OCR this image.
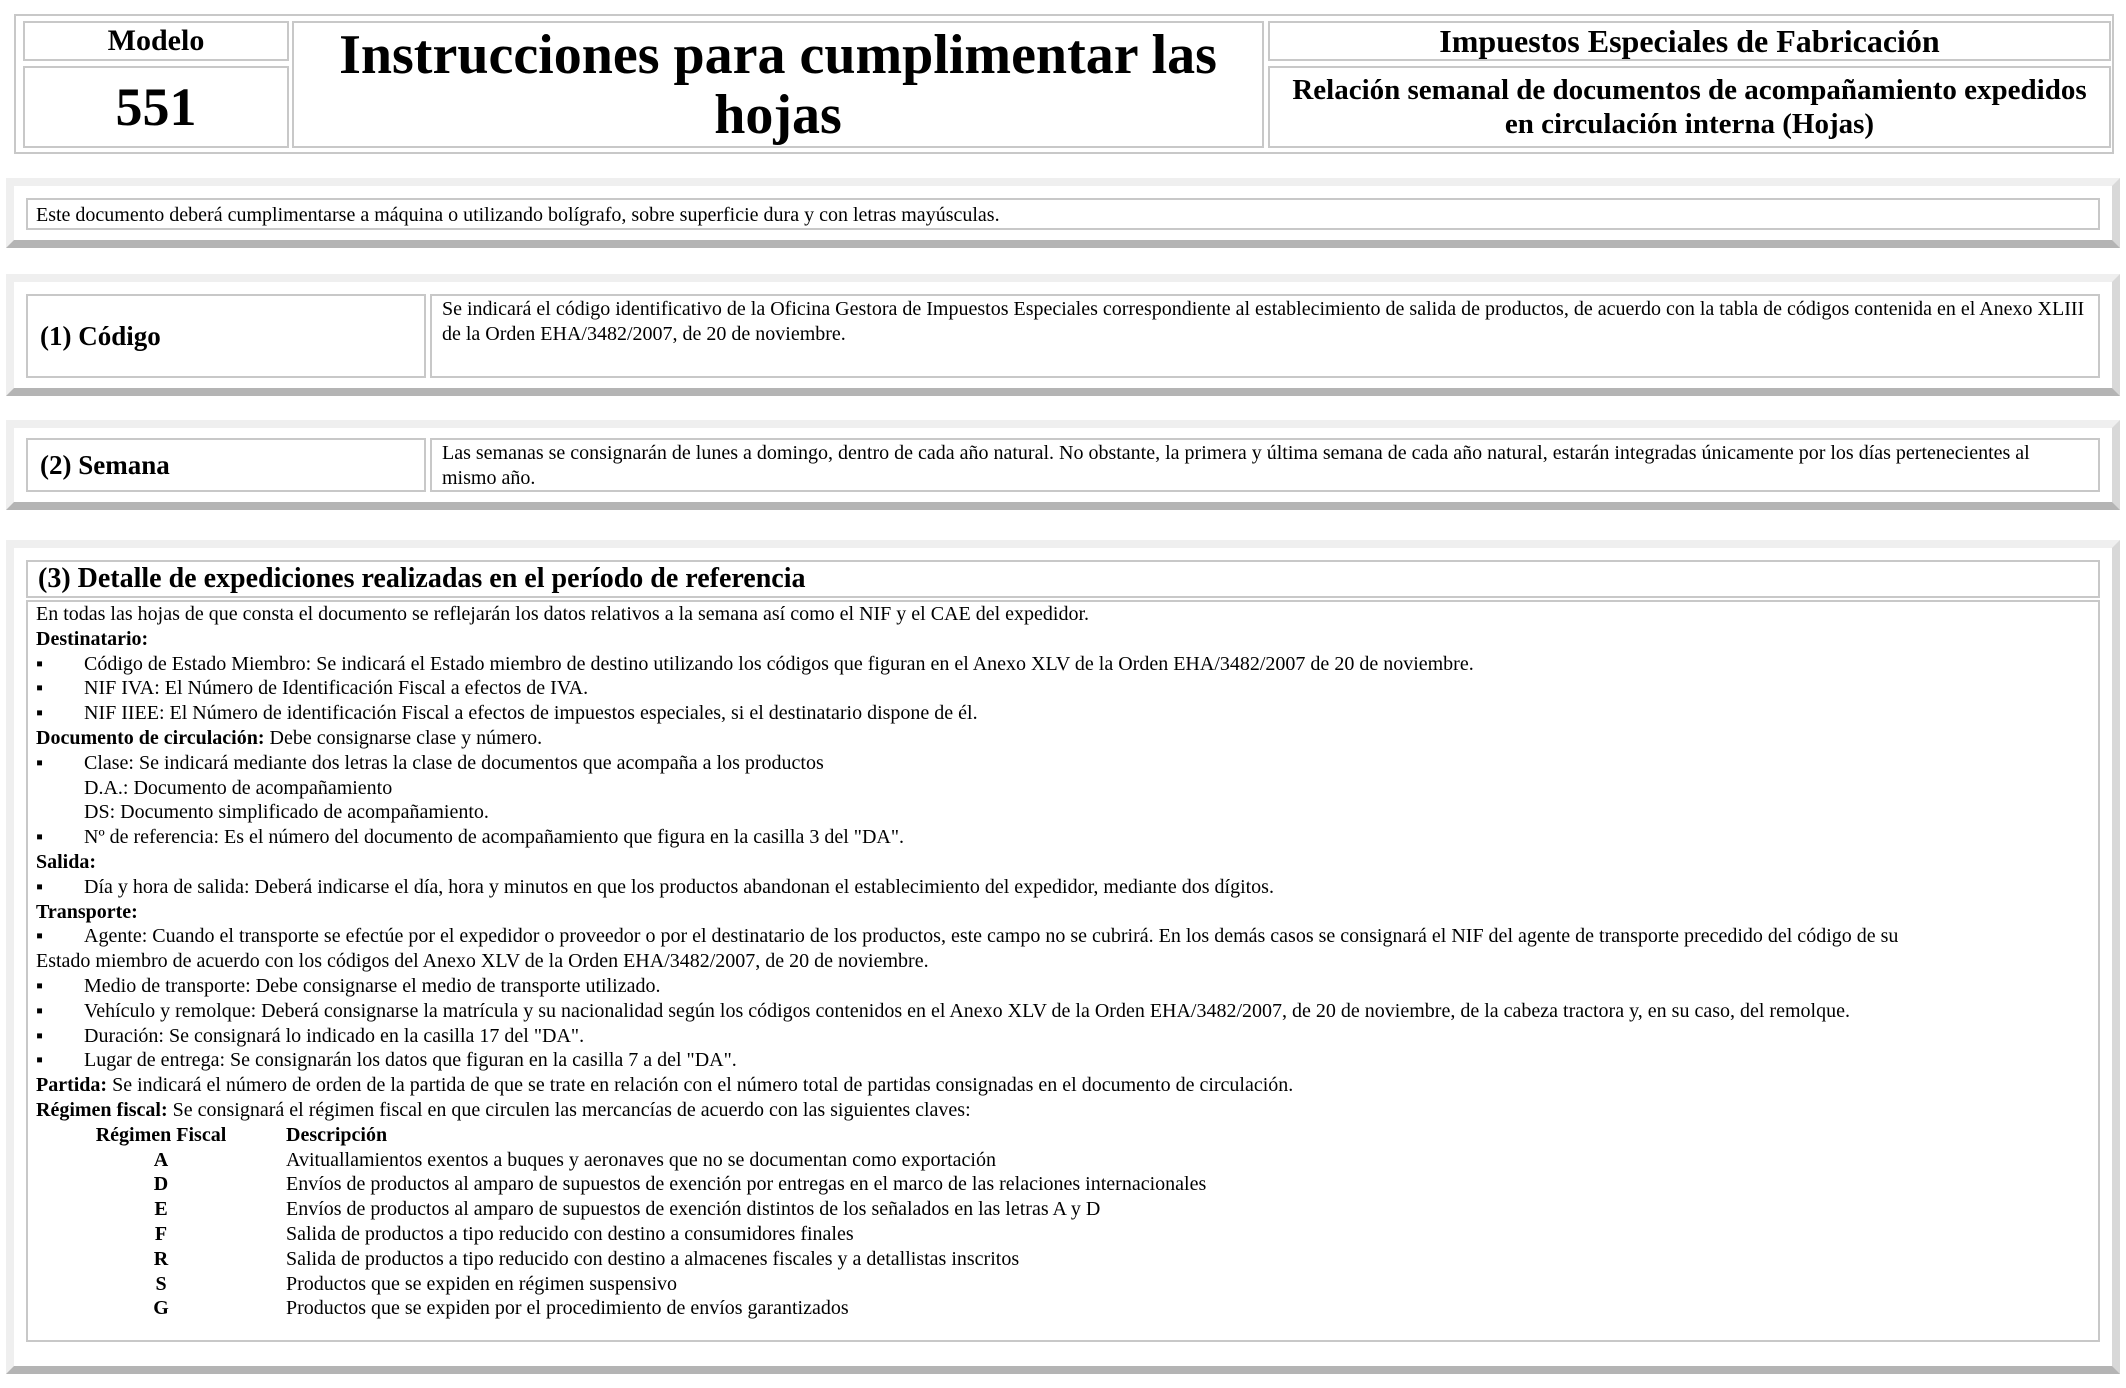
Modelo
551
Instrucciones para cumplimentar las hojas
Impuestos Especiales de Fabricación
Relación semanal de documentos de acompañamiento expedidos en circulación interna (Hojas)
Este documento deberá cumplimentarse a máquina o utilizando bolígrafo, sobre superficie dura y con letras mayúsculas.
(1) Código
Se indicará el código identificativo de la Oficina Gestora de Impuestos Especiales correspondiente al establecimiento de salida de productos, de acuerdo con la tabla de códigos contenida en el Anexo XLIII de la Orden EHA/3482/2007, de 20 de noviembre.
(2) Semana	Las semanas se consignarán de lunes a domingo, dentro de cada año natural. No obstante, la primera y última semana de cada año natural, estarán integradas únicamente por los días pertenecientes al mismo año.
(3) Detalle de expediciones realizadas en el período de referencia
En todas las hojas de que consta el documento se reflejarán los datos relativos a la semana así como el NIF y el CAE del expedidor.
Destinatario:
▪ Código de Estado Miembro: Se indicará el Estado miembro de destino utilizando los códigos que figuran en el Anexo XLV de la Orden EHA/3482/2007 de 20 de noviembre.
▪ NIF IVA: El Número de Identificación Fiscal a efectos de IVA.
▪ NIF IIEE: El Número de identificación Fiscal a efectos de impuestos especiales, si el destinatario dispone de él.
Documento de circulación: Debe consignarse clase y número.
▪ Clase: Se indicará mediante dos letras la clase de documentos que acompaña a los productos
D.A.: Documento de acompañamiento
DS: Documento simplificado de acompañamiento.
▪ Nº de referencia: Es el número del documento de acompañamiento que figura en la casilla 3 del "DA".
Salida:
▪ Día y hora de salida: Deberá indicarse el día, hora y minutos en que los productos abandonan el establecimiento del expedidor, mediante dos dígitos.
Transporte:
▪ Agente: Cuando el transporte se efectúe por el expedidor o proveedor o por el destinatario de los productos, este campo no se cubrirá. En los demás casos se consignará el NIF del agente de transporte precedido del código de su
Estado miembro de acuerdo con los códigos del Anexo XLV de la Orden EHA/3482/2007, de 20 de noviembre.
▪ Medio de transporte: Debe consignarse el medio de transporte utilizado.
▪ Vehículo y remolque: Deberá consignarse la matrícula y su nacionalidad según los códigos contenidos en el Anexo XLV de la Orden EHA/3482/2007, de 20 de noviembre, de la cabeza tractora y, en su caso, del remolque.
▪ Duración: Se consignará lo indicado en la casilla 17 del "DA".
▪ Lugar de entrega: Se consignarán los datos que figuran en la casilla 7 a del "DA".
Partida: Se indicará el número de orden de la partida de que se trate en relación con el número total de partidas consignadas en el documento de circulación.
Régimen fiscal: Se consignará el régimen fiscal en que circulen las mercancías de acuerdo con las siguientes claves:
Régimen Fiscal	Descripción
A	Avituallamientos exentos a buques y aeronaves que no se documentan como exportación
D	Envíos de productos al amparo de supuestos de exención por entregas en el marco de las relaciones internacionales
E	Envíos de productos al amparo de supuestos de exención distintos de los señalados en las letras A y D
F	Salida de productos a tipo reducido con destino a consumidores finales
R	Salida de productos a tipo reducido con destino a almacenes fiscales y a detallistas inscritos
S	Productos que se expiden en régimen suspensivo
G	Productos que se expiden por el procedimiento de envíos garantizados
